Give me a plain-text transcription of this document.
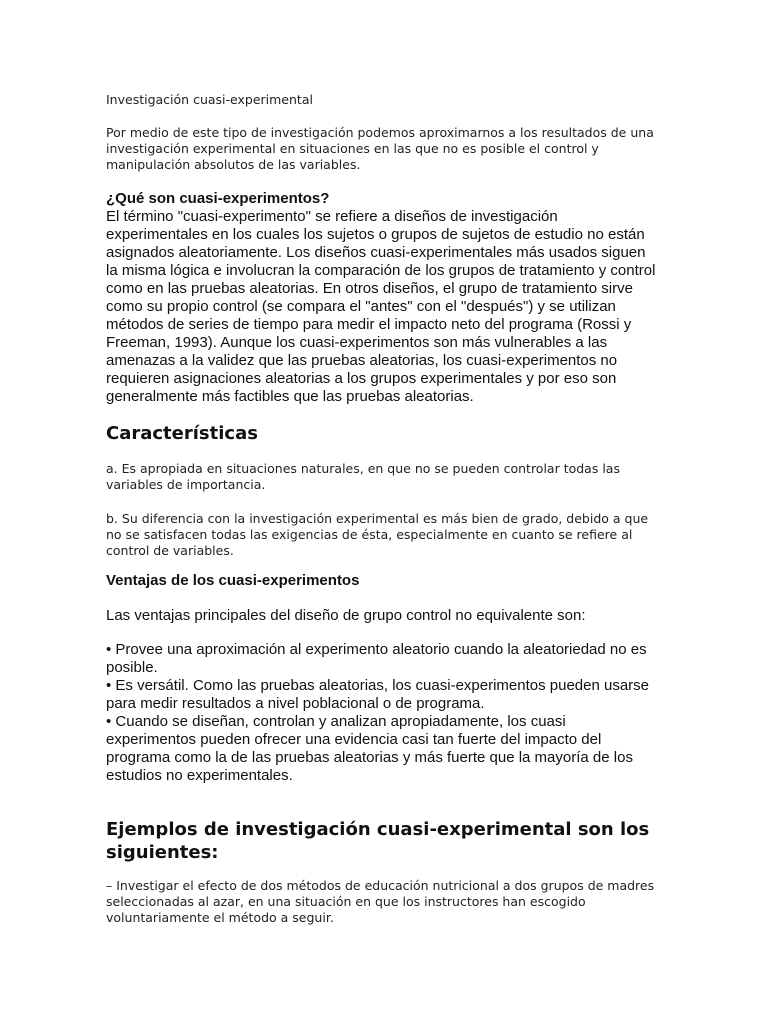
Investigación cuasi-experimental

Por medio de este tipo de investigación podemos aproximarnos a los resultados de una
investigación experimental en situaciones en las que no es posible el control y
manipulación absolutos de las variables.

¿Qué son cuasi-experimentos?

El término "cuasi-experimento" se refiere a diseños de investigación
experimentales en los cuales los sujetos o grupos de sujetos de estudio no están
asignados aleatoriamente. Los diseños cuasi-experimentales más usados siguen
la misma lógica e involucran la comparación de los grupos de tratamiento y control
como en las pruebas aleatorias. En otros diseños, el grupo de tratamiento sirve
como su propio control (se compara el "antes" con el "después") y se utilizan
métodos de series de tiempo para medir el impacto neto del programa (Rossi y
Freeman, 1993). Aunque los cuasi-experimentos son más vulnerables a las
amenazas a la validez que las pruebas aleatorias, los cuasi-experimentos no
requieren asignaciones aleatorias a los grupos experimentales y por eso son
generalmente más factibles que las pruebas aleatorias.

Características

a. Es apropiada en situaciones naturales, en que no se pueden controlar todas las
variables de importancia.

b. Su diferencia con la investigación experimental es más bien de grado, debido a que
no se satisfacen todas las exigencias de ésta, especialmente en cuanto se refiere al
control de variables.

Ventajas de los cuasi-experimentos

Las ventajas principales del diseño de grupo control no equivalente son:

• Provee una aproximación al experimento aleatorio cuando la aleatoriedad no es
posible.
• Es versátil. Como las pruebas aleatorias, los cuasi-experimentos pueden usarse
para medir resultados a nivel poblacional o de programa.
• Cuando se diseñan, controlan y analizan apropiadamente, los cuasi
experimentos pueden ofrecer una evidencia casi tan fuerte del impacto del
programa como la de las pruebas aleatorias y más fuerte que la mayoría de los
estudios no experimentales.

Ejemplos de investigación cuasi-experimental son los
siguientes:

– Investigar el efecto de dos métodos de educación nutricional a dos grupos de madres
seleccionadas al azar, en una situación en que los instructores han escogido
voluntariamente el método a seguir.
